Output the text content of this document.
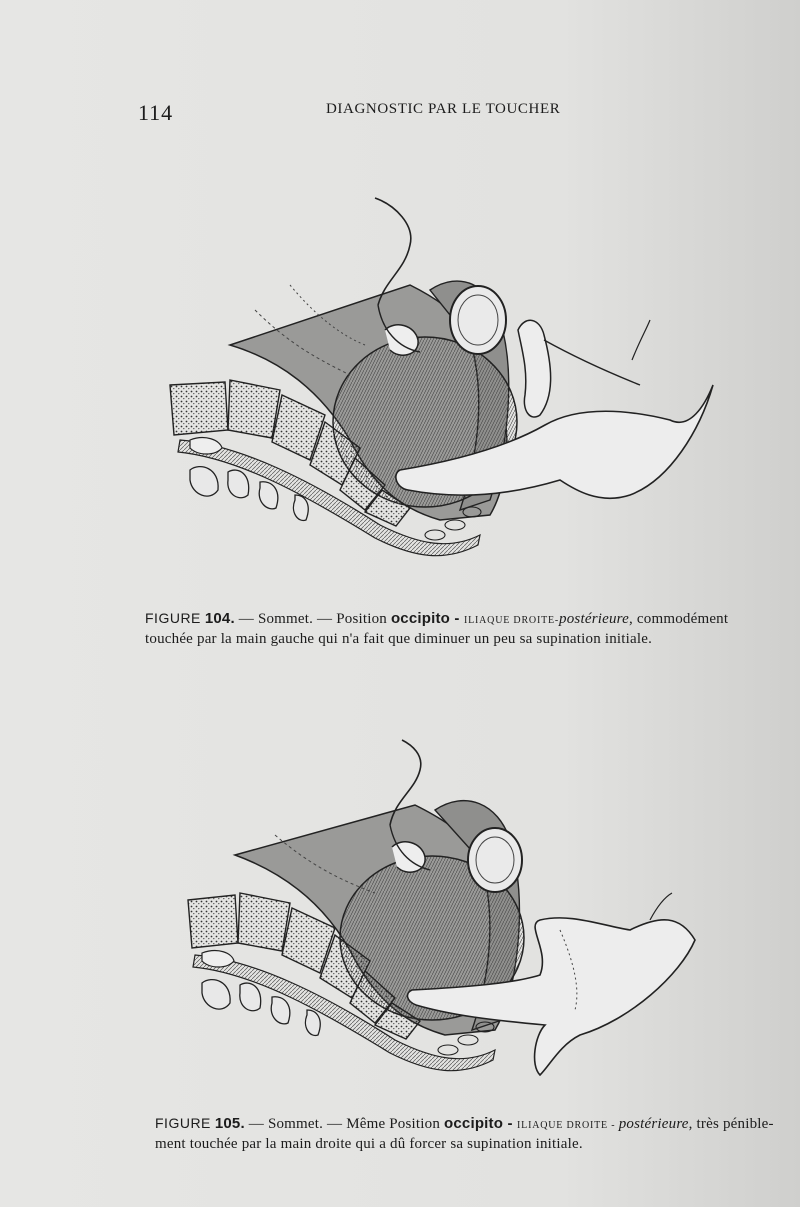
114	DIAGNOSTIC PAR LE TOUCHER
FIGURE 104. — Sommet. — Position occipito - ILIAQUE DROITE-postérieure, commodément
touchée par la main gauche qui n'a fait que diminuer un peu sa supination initiale.
FIGURE 105. — Sommet. — Même Position occipito - ILIAQUE DROITE - postérieure, très pénible-
ment touchée par la main droite qui a dû forcer sa supination initiale.
